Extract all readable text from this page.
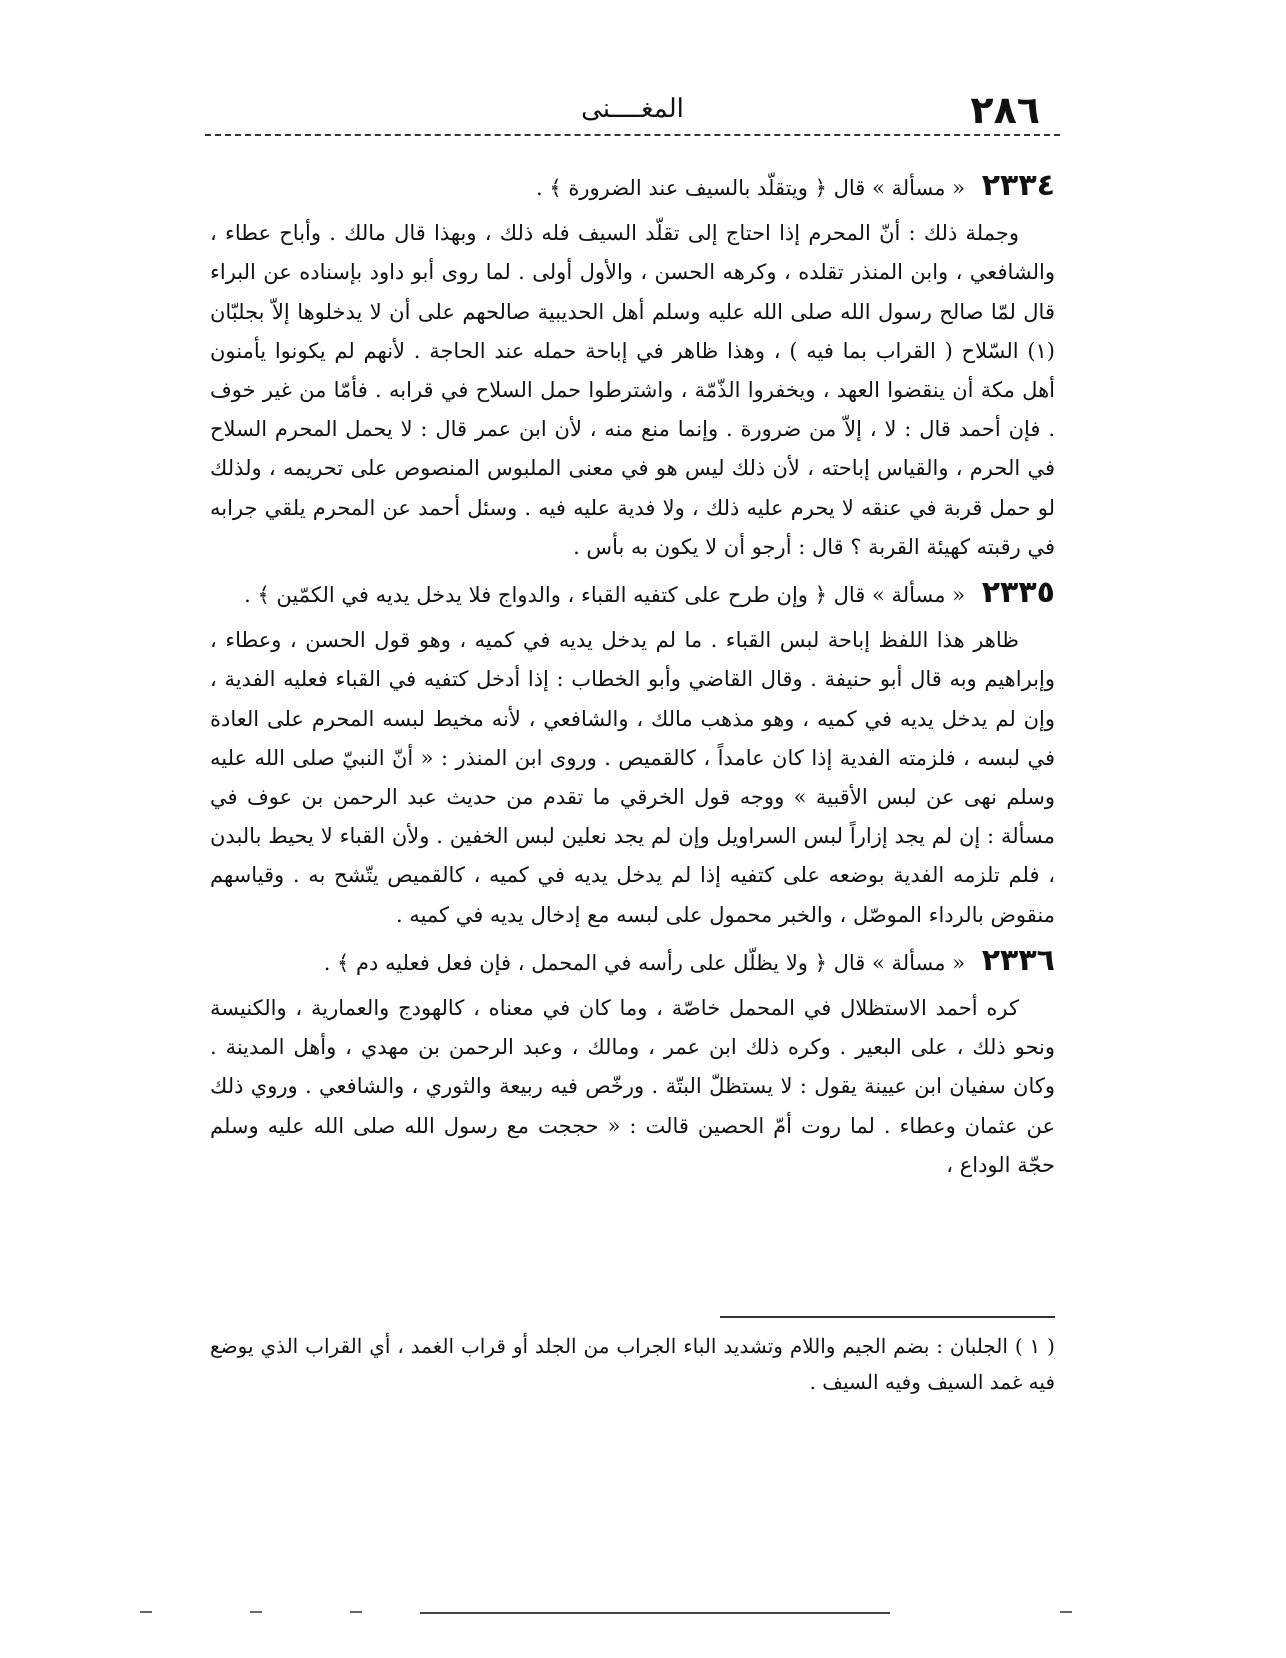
٢٨٦
المغــــنى

٢٣٣٤ « مسألة » قال ﴿ ويتقلّد بالسيف عند الضرورة ﴾ .

وجملة ذلك : أنّ المحرم إذا احتاج إلى تقلّد السيف فله ذلك ، وبهذا قال مالك . وأباح عطاء ، والشافعي ، وابن المنذر تقلده ، وكرهه الحسن ، والأول أولى . لما روى أبو داود بإسناده عن البراء قال لمّا صالح رسول الله صلى الله عليه وسلم أهل الحديبية صالحهم على أن لا يدخلوها إلاّ بجلبّان (١) السّلاح ( القراب بما فيه ) ، وهذا ظاهر في إباحة حمله عند الحاجة . لأنهم لم يكونوا يأمنون أهل مكة أن ينقضوا العهد ، ويخفروا الذّمّة ، واشترطوا حمل السلاح في قرابه . فأمّا من غير خوف . فإن أحمد قال : لا ، إلاّ من ضرورة . وإنما منع منه ، لأن ابن عمر قال : لا يحمل المحرم السلاح في الحرم ، والقياس إباحته ، لأن ذلك ليس هو في معنى الملبوس المنصوص على تحريمه ، ولذلك لو حمل قربة في عنقه لا يحرم عليه ذلك ، ولا فدية عليه فيه . وسئل أحمد عن المحرم يلقي جرابه في رقبته كهيئة القربة ؟ قال : أرجو أن لا يكون به بأس .

٢٣٣٥ « مسألة » قال ﴿ وإن طرح على كتفيه القباء ، والدواج فلا يدخل يديه في الكمّين ﴾ .

ظاهر هذا اللفظ إباحة لبس القباء . ما لم يدخل يديه في كميه ، وهو قول الحسن ، وعطاء ، وإبراهيم وبه قال أبو حنيفة . وقال القاضي وأبو الخطاب : إذا أدخل كتفيه في القباء فعليه الفدية ، وإن لم يدخل يديه في كميه ، وهو مذهب مالك ، والشافعي ، لأنه مخيط لبسه المحرم على العادة في لبسه ، فلزمته الفدية إذا كان عامداً ، كالقميص . وروى ابن المنذر : « أنّ النبيّ صلى الله عليه وسلم نهى عن لبس الأقبية » ووجه قول الخرقي ما تقدم من حديث عبد الرحمن بن عوف في مسألة : إن لم يجد إزاراً لبس السراويل وإن لم يجد نعلين لبس الخفين . ولأن القباء لا يحيط بالبدن ، فلم تلزمه الفدية بوضعه على كتفيه إذا لم يدخل يديه في كميه ، كالقميص يتّشح به . وقياسهم منقوض بالرداء الموصّل ، والخبر محمول على لبسه مع إدخال يديه في كميه .

٢٣٣٦ « مسألة » قال ﴿ ولا يظلّل على رأسه في المحمل ، فإن فعل فعليه دم ﴾ .

كره أحمد الاستظلال في المحمل خاصّة ، وما كان في معناه ، كالهودج والعمارية ، والكنيسة ونحو ذلك ، على البعير . وكره ذلك ابن عمر ، ومالك ، وعبد الرحمن بن مهدي ، وأهل المدينة . وكان سفيان ابن عيينة يقول : لا يستظلّ البتّة . ورخّص فيه ربيعة والثوري ، والشافعي . وروي ذلك عن عثمان وعطاء . لما روت أمّ الحصين قالت : « حججت مع رسول الله صلى الله عليه وسلم حجّة الوداع ،

( ١ ) الجلبان : بضم الجيم واللام وتشديد الباء الجراب من الجلد أو قراب الغمد ، أي القراب الذي يوضع فيه غمد السيف وفيه السيف .
